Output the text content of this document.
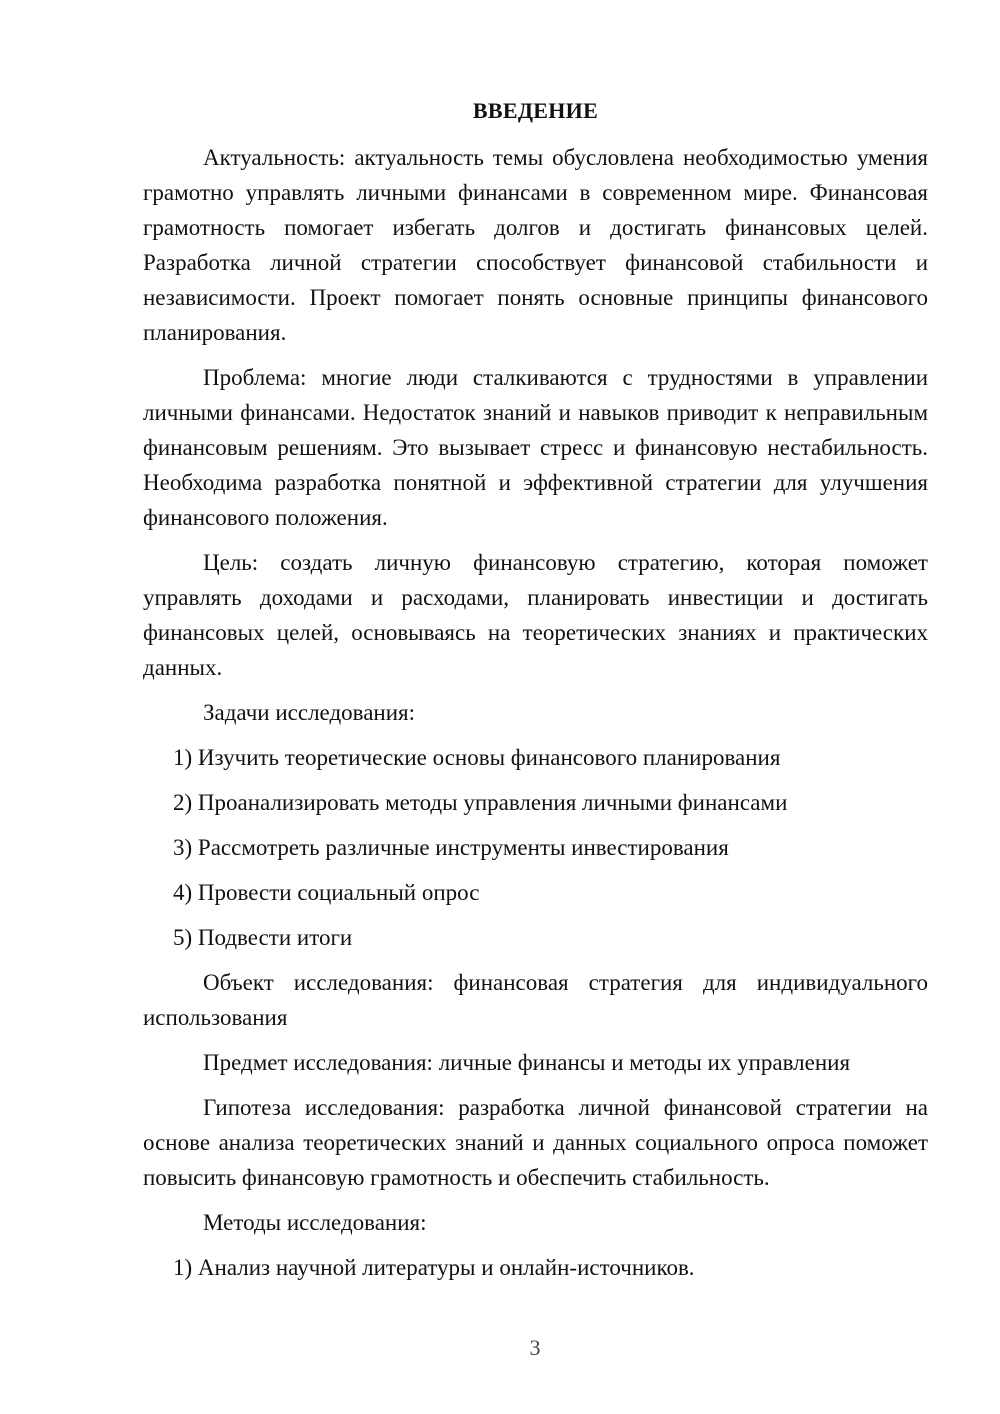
ВВЕДЕНИЕ

Актуальность: актуальность темы обусловлена необходимостью умения грамотно управлять личными финансами в современном мире. Финансовая грамотность помогает избегать долгов и достигать финансовых целей. Разработка личной стратегии способствует финансовой стабильности и независимости. Проект помогает понять основные принципы финансового планирования.

Проблема: многие люди сталкиваются с трудностями в управлении личными финансами. Недостаток знаний и навыков приводит к неправильным финансовым решениям. Это вызывает стресс и финансовую нестабильность. Необходима разработка понятной и эффективной стратегии для улучшения финансового положения.

Цель: создать личную финансовую стратегию, которая поможет управлять доходами и расходами, планировать инвестиции и достигать финансовых целей, основываясь на теоретических знаниях и практических данных.

Задачи исследования:
1) Изучить теоретические основы финансового планирования
2) Проанализировать методы управления личными финансами
3) Рассмотреть различные инструменты инвестирования
4) Провести социальный опрос
5) Подвести итоги

Объект исследования: финансовая стратегия для индивидуального использования

Предмет исследования: личные финансы и методы их управления

Гипотеза исследования: разработка личной финансовой стратегии на основе анализа теоретических знаний и данных социального опроса поможет повысить финансовую грамотность и обеспечить стабильность.

Методы исследования:
1) Анализ научной литературы и онлайн-источников.
3
